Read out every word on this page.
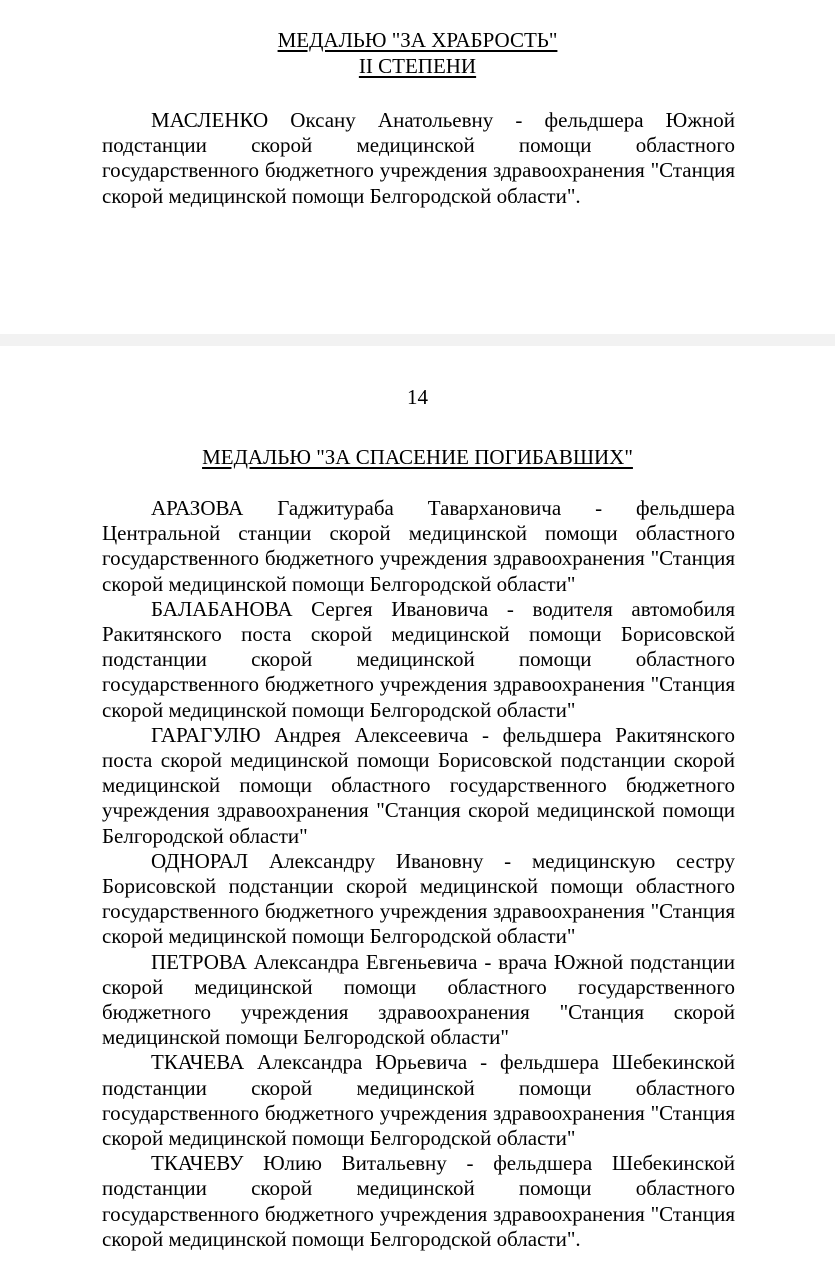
МЕДАЛЬЮ "ЗА ХРАБРОСТЬ"
II СТЕПЕНИ

МАСЛЕНКО Оксану Анатольевну - фельдшера Южной подстанции скорой медицинской помощи областного государственного бюджетного учреждения здравоохранения "Станция скорой медицинской помощи Белгородской области".

14
МЕДАЛЬЮ "ЗА СПАСЕНИЕ ПОГИБАВШИХ"

АРАЗОВА Гаджитураба Тавархановича - фельдшера Центральной станции скорой медицинской помощи областного государственного бюджетного учреждения здравоохранения "Станция скорой медицинской помощи Белгородской области"

БАЛАБАНОВА Сергея Ивановича - водителя автомобиля Ракитянского поста скорой медицинской помощи Борисовской подстанции скорой медицинской помощи областного государственного бюджетного учреждения здравоохранения "Станция скорой медицинской помощи Белгородской области"

ГАРАГУЛЮ Андрея Алексеевича - фельдшера Ракитянского поста скорой медицинской помощи Борисовской подстанции скорой медицинской помощи областного государственного бюджетного учреждения здравоохранения "Станция скорой медицинской помощи Белгородской области"

ОДНОРАЛ Александру Ивановну - медицинскую сестру Борисовской подстанции скорой медицинской помощи областного государственного бюджетного учреждения здравоохранения "Станция скорой медицинской помощи Белгородской области"

ПЕТРОВА Александра Евгеньевича - врача Южной подстанции скорой медицинской помощи областного государственного бюджетного учреждения здравоохранения "Станция скорой медицинской помощи Белгородской области"

ТКАЧЕВА Александра Юрьевича - фельдшера Шебекинской подстанции скорой медицинской помощи областного государственного бюджетного учреждения здравоохранения "Станция скорой медицинской помощи Белгородской области"

ТКАЧЕВУ Юлию Витальевну - фельдшера Шебекинской подстанции скорой медицинской помощи областного государственного бюджетного учреждения здравоохранения "Станция скорой медицинской помощи Белгородской области".
